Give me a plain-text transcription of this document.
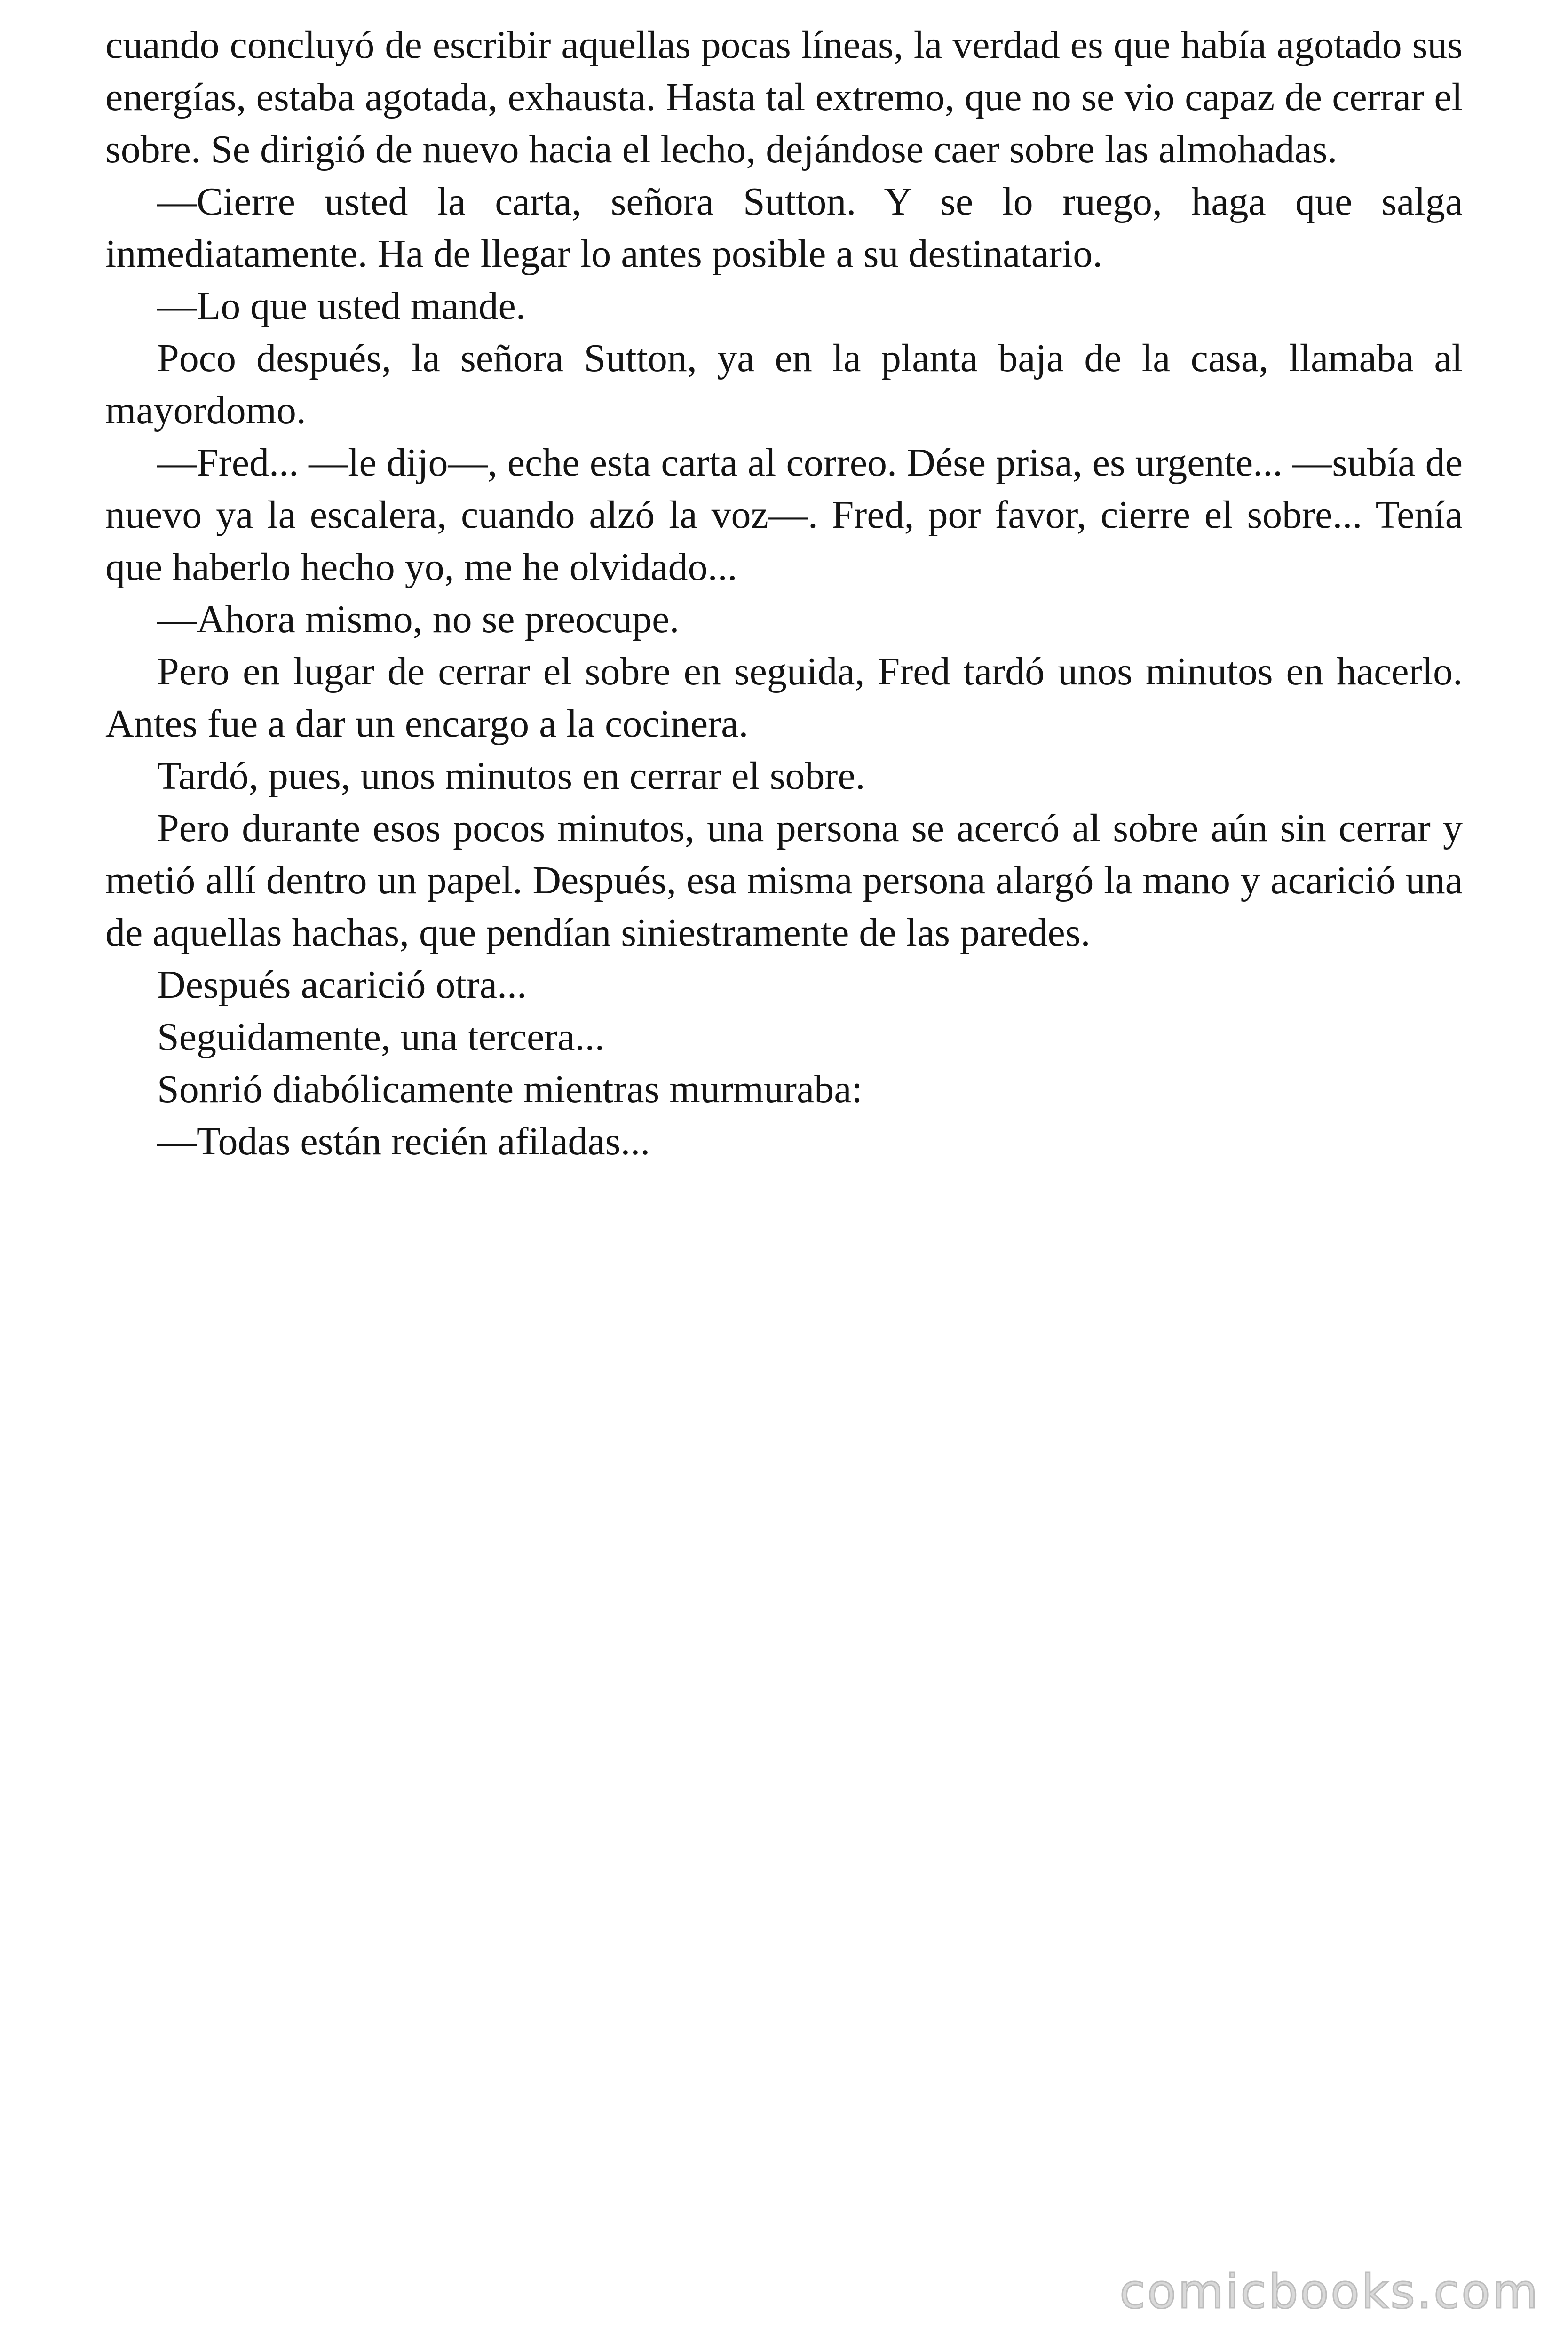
cuando concluyó de escribir aquellas pocas líneas, la verdad es que había agotado sus energías, estaba agotada, exhausta. Hasta tal extremo, que no se vio capaz de cerrar el sobre. Se dirigió de nuevo hacia el lecho, dejándose caer sobre las almohadas.

—Cierre usted la carta, señora Sutton. Y se lo ruego, haga que salga inmediatamente. Ha de llegar lo antes posible a su destinatario.

—Lo que usted mande.

Poco después, la señora Sutton, ya en la planta baja de la casa, llamaba al mayordomo.

—Fred... —le dijo—, eche esta carta al correo. Dése prisa, es urgente... —subía de nuevo ya la escalera, cuando alzó la voz—. Fred, por favor, cierre el sobre... Tenía que haberlo hecho yo, me he olvidado...

—Ahora mismo, no se preocupe.

Pero en lugar de cerrar el sobre en seguida, Fred tardó unos minutos en hacerlo. Antes fue a dar un encargo a la cocinera.

Tardó, pues, unos minutos en cerrar el sobre.

Pero durante esos pocos minutos, una persona se acercó al sobre aún sin cerrar y metió allí dentro un papel. Después, esa misma persona alargó la mano y acarició una de aquellas hachas, que pendían siniestramente de las paredes.

Después acarició otra...

Seguidamente, una tercera...

Sonrió diabólicamente mientras murmuraba:

—Todas están recién afiladas...

comicbooks.com
